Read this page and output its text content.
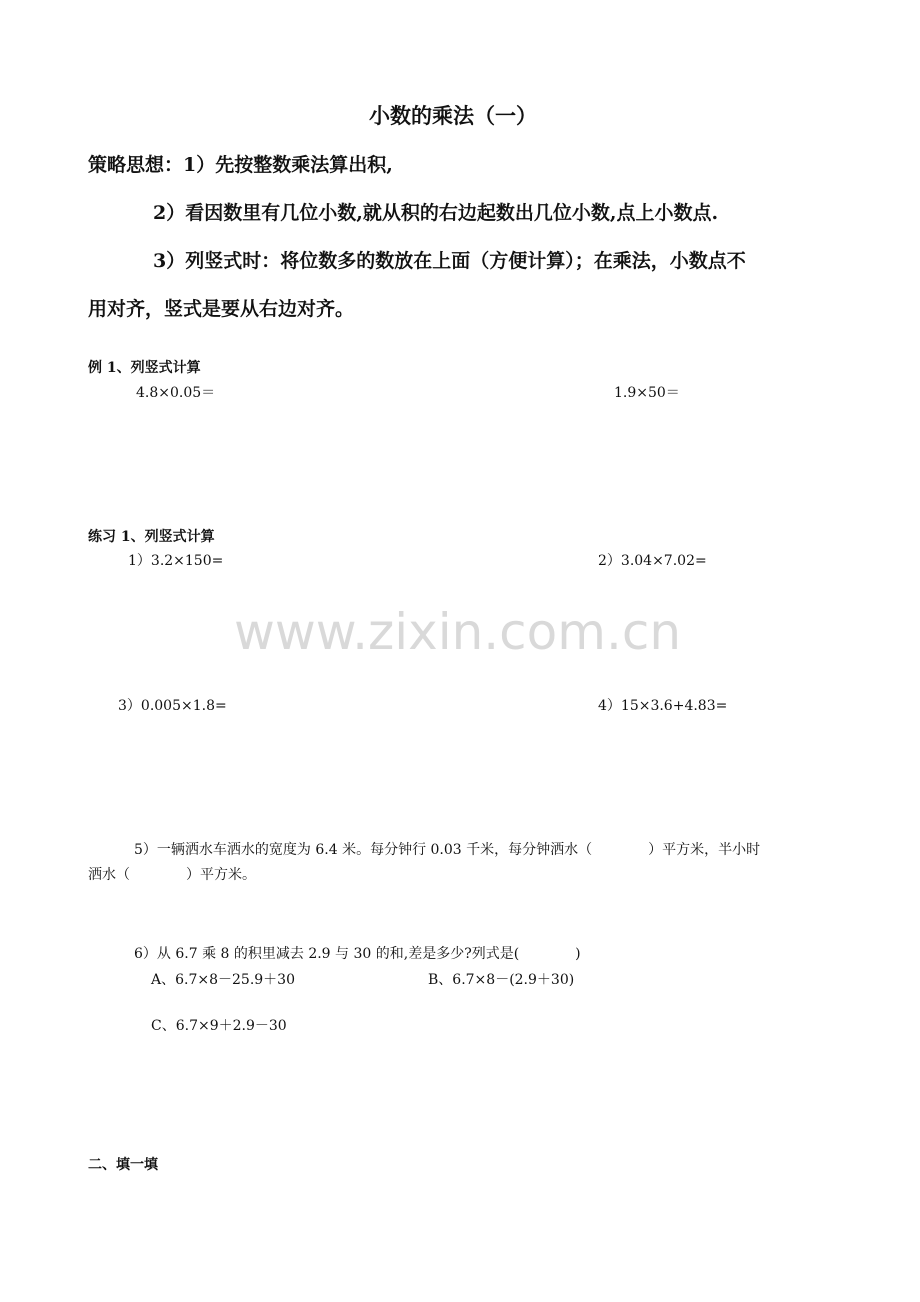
小数的乘法（一）
策略思想：1）先按整数乘法算出积,
2）看因数里有几位小数,就从积的右边起数出几位小数,点上小数点.
3）列竖式时：将位数多的数放在上面（方便计算）；在乘法，小数点不
用对齐，竖式是要从右边对齐。
例 1、列竖式计算
4.8×0.05＝	1.9×50＝
练习 1、列竖式计算
1）3.2×150=	2）3.04×7.02=
www.zixin.com.cn
3）0.005×1.8=	4）15×3.6+4.83=
5）一辆洒水车洒水的宽度为 6.4 米。每分钟行 0.03 千米，每分钟洒水（　　　　）平方米，半小时
洒水（　　　　）平方米。
6）从 6.7 乘 8 的积里减去 2.9 与 30 的和,差是多少?列式是(　　　　)
A、6.7×8－25.9＋30	B、6.7×8－(2.9＋30)
C、6.7×9＋2.9－30
二、填一填
